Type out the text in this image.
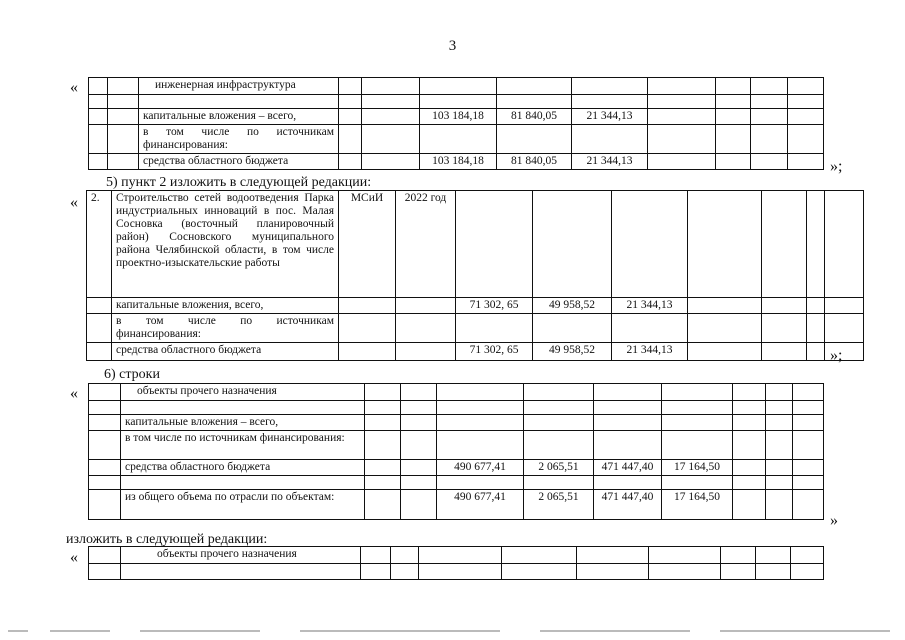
3
«
			инженерная инфраструктура									

		капитальные вложения – всего,			103 184,18	81 840,05	21 344,13				
		в том числе по источникам финансирования:									
		средства областного бюджета			103 184,18	81 840,05	21 344,13					»;
5) пункт 2 изложить в следующей редакции:
« 2.	Строительство сетей водоотведения Парка индустриальных инноваций в пос. Малая Сосновка (восточный планировочный район) Сосновского муниципального района Челябинской области, в том числе проектно-изыскательские работы	МСиИ	2022 год							
	капитальные вложения, всего,			71 302, 65	49 958,52	21 344,13				
	в том числе по источникам финансирования:									
	средства областного бюджета			71 302, 65	49 958,52	21 344,13					»;
6) строки
«
		объекты прочего назначения									

	капитальные вложения – всего,									
	в том числе по источникам финансирования:									
	средства областного бюджета			490 677,41	2 065,51	471 447,40	17 164,50			

	из общего объема по отрасли по объектам:			490 677,41	2 065,51	471 447,40	17 164,50			
»
изложить в следующей редакции:
«
		объекты прочего назначения									
